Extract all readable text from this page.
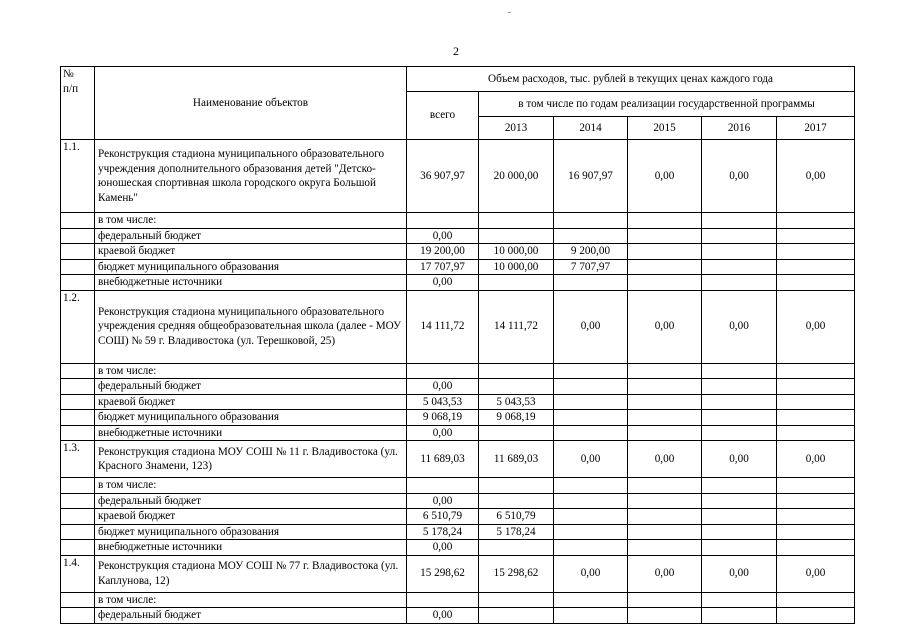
2
№
п/п	Наименование объектов	Объем расходов, тыс. рублей в текущих ценах каждого года					
		всего	в том числе по годам реализации государственной программы				
			2013	2014	2015	2016	2017
1.1.	Реконструкция стадиона муниципального образовательного учреждения дополнительного образования детей "Детско-юношеская спортивная школа городского округа Большой Камень"	36 907,97	20 000,00	16 907,97	0,00	0,00	0,00
	в том числе:						
	федеральный бюджет	0,00					
	краевой бюджет	19 200,00	10 000,00	9 200,00			
	бюджет муниципального образования	17 707,97	10 000,00	7 707,97			
	внебюджетные источники	0,00					
1.2.	Реконструкция стадиона муниципального образовательного учреждения средняя общеобразовательная школа (далее - МОУ СОШ) № 59 г. Владивостока (ул. Терешковой, 25)	14 111,72	14 111,72	0,00	0,00	0,00	0,00
	в том числе:						
	федеральный бюджет	0,00					
	краевой бюджет	5 043,53	5 043,53				
	бюджет муниципального образования	9 068,19	9 068,19				
	внебюджетные источники	0,00					
1.3.	Реконструкция стадиона МОУ СОШ № 11 г. Владивостока (ул. Красного Знамени, 123)	11 689,03	11 689,03	0,00	0,00	0,00	0,00
	в том числе:						
	федеральный бюджет	0,00					
	краевой бюджет	6 510,79	6 510,79				
	бюджет муниципального образования	5 178,24	5 178,24				
	внебюджетные источники	0,00					
1.4.	Реконструкция стадиона МОУ СОШ № 77 г. Владивостока (ул. Каплунова, 12)	15 298,62	15 298,62	0,00	0,00	0,00	0,00
	в том числе:						
	федеральный бюджет	0,00					
